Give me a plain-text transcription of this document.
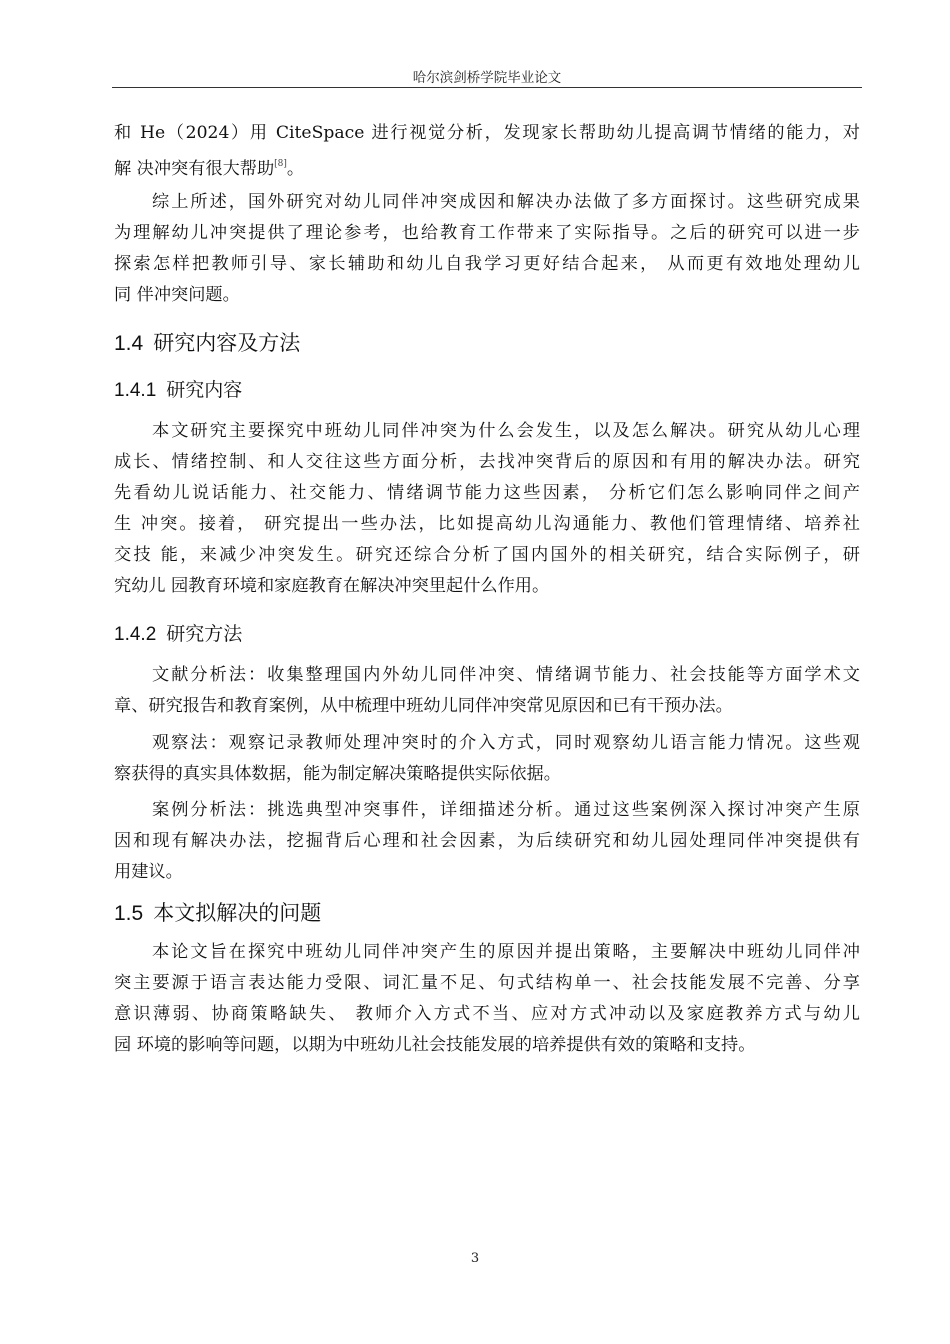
哈尔滨剑桥学院毕业论文
和 He（2024）用 CiteSpace 进行视觉分析，发现家长帮助幼儿提高调节情绪的能力，对
解 决冲突有很大帮助[8]。
综上所述，国外研究对幼儿同伴冲突成因和解决办法做了多方面探讨。这些研究成果
为理解幼儿冲突提供了理论参考，也给教育工作带来了实际指导。之后的研究可以进一步
探索怎样把教师引导、家长辅助和幼儿自我学习更好结合起来， 从而更有效地处理幼儿
同 伴冲突问题。
1.4 研究内容及方法
1.4.1 研究内容
本文研究主要探究中班幼儿同伴冲突为什么会发生，以及怎么解决。研究从幼儿心理
成长、情绪控制、和人交往这些方面分析，去找冲突背后的原因和有用的解决办法。研究
先看幼儿说话能力、社交能力、情绪调节能力这些因素， 分析它们怎么影响同伴之间产
生 冲突。接着， 研究提出一些办法，比如提高幼儿沟通能力、教他们管理情绪、培养社
交技 能，来减少冲突发生。研究还综合分析了国内国外的相关研究，结合实际例子，研
究幼儿 园教育环境和家庭教育在解决冲突里起什么作用。
1.4.2 研究方法
文献分析法：收集整理国内外幼儿同伴冲突、情绪调节能力、社会技能等方面学术文
章、研究报告和教育案例，从中梳理中班幼儿同伴冲突常见原因和已有干预办法。
观察法：观察记录教师处理冲突时的介入方式，同时观察幼儿语言能力情况。这些观
察获得的真实具体数据，能为制定解决策略提供实际依据。
案例分析法：挑选典型冲突事件，详细描述分析。通过这些案例深入探讨冲突产生原
因和现有解决办法，挖掘背后心理和社会因素，为后续研究和幼儿园处理同伴冲突提供有
用建议。
1.5 本文拟解决的问题
本论文旨在探究中班幼儿同伴冲突产生的原因并提出策略，主要解决中班幼儿同伴冲
突主要源于语言表达能力受限、词汇量不足、句式结构单一、社会技能发展不完善、分享
意识薄弱、协商策略缺失、 教师介入方式不当、应对方式冲动以及家庭教养方式与幼儿
园 环境的影响等问题，以期为中班幼儿社会技能发展的培养提供有效的策略和支持。
3
